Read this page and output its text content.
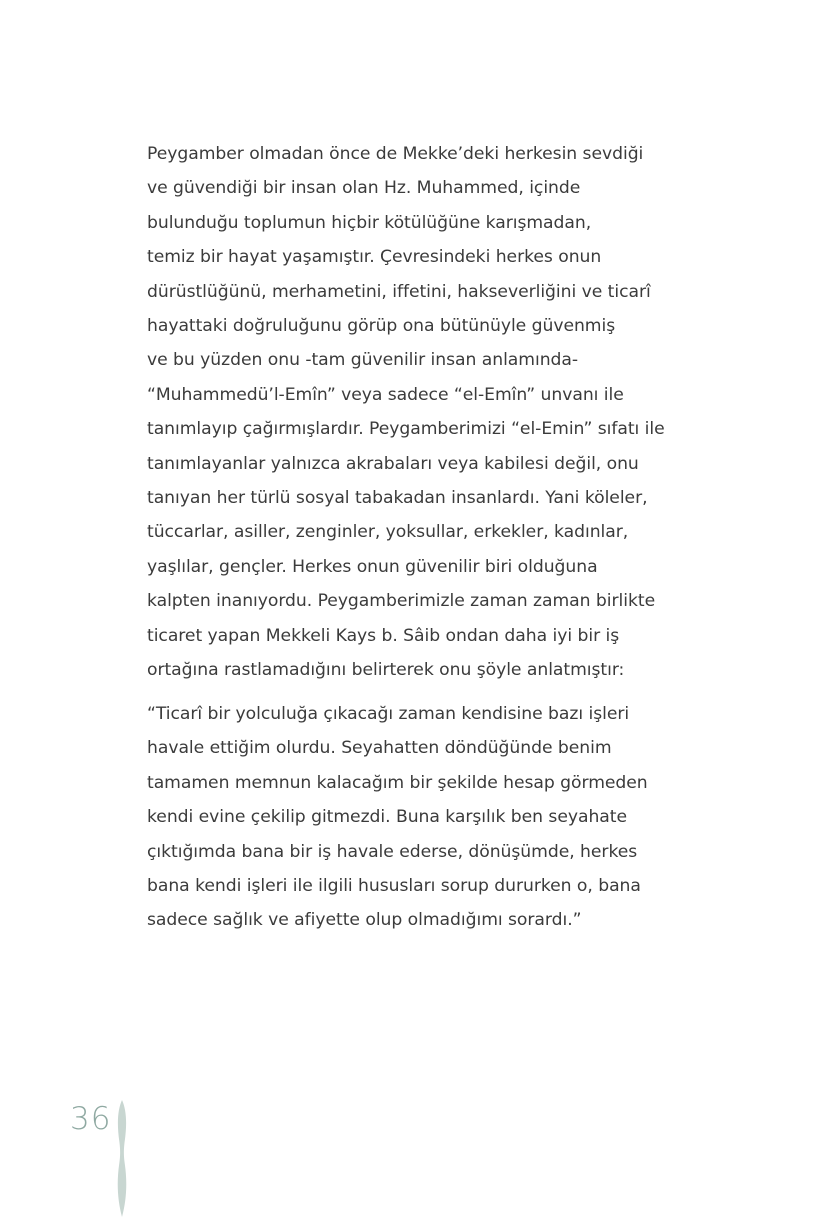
Peygamber olmadan önce de Mekke’deki herkesin sevdiği
ve güvendiği bir insan olan Hz. Muhammed, içinde
bulunduğu toplumun hiçbir kötülüğüne karışmadan,
temiz bir hayat yaşamıştır. Çevresindeki herkes onun
dürüstlüğünü, merhametini, iffetini, hakseverliğini ve ticarî
hayattaki doğruluğunu görüp ona bütünüyle güvenmiş
ve bu yüzden onu -tam güvenilir insan anlamında-
“Muhammedü’l-Emîn” veya sadece “el-Emîn” unvanı ile
tanımlayıp çağırmışlardır. Peygamberimizi “el-Emin” sıfatı ile
tanımlayanlar yalnızca akrabaları veya kabilesi değil, onu
tanıyan her türlü sosyal tabakadan insanlardı. Yani köleler,
tüccarlar, asiller, zenginler, yoksullar, erkekler, kadınlar,
yaşlılar, gençler. Herkes onun güvenilir biri olduğuna
kalpten inanıyordu. Peygamberimizle zaman zaman birlikte
ticaret yapan Mekkeli Kays b. Sâib ondan daha iyi bir iş
ortağına rastlamadığını belirterek onu şöyle anlatmıştır:
“Ticarî bir yolculuğa çıkacağı zaman kendisine bazı işleri
havale ettiğim olurdu. Seyahatten döndüğünde benim
tamamen memnun kalacağım bir şekilde hesap görmeden
kendi evine çekilip gitmezdi. Buna karşılık ben seyahate
çıktığımda bana bir iş havale ederse, dönüşümde, herkes
bana kendi işleri ile ilgili hususları sorup dururken o, bana
sadece sağlık ve afiyette olup olmadığımı sorardı.”
36
